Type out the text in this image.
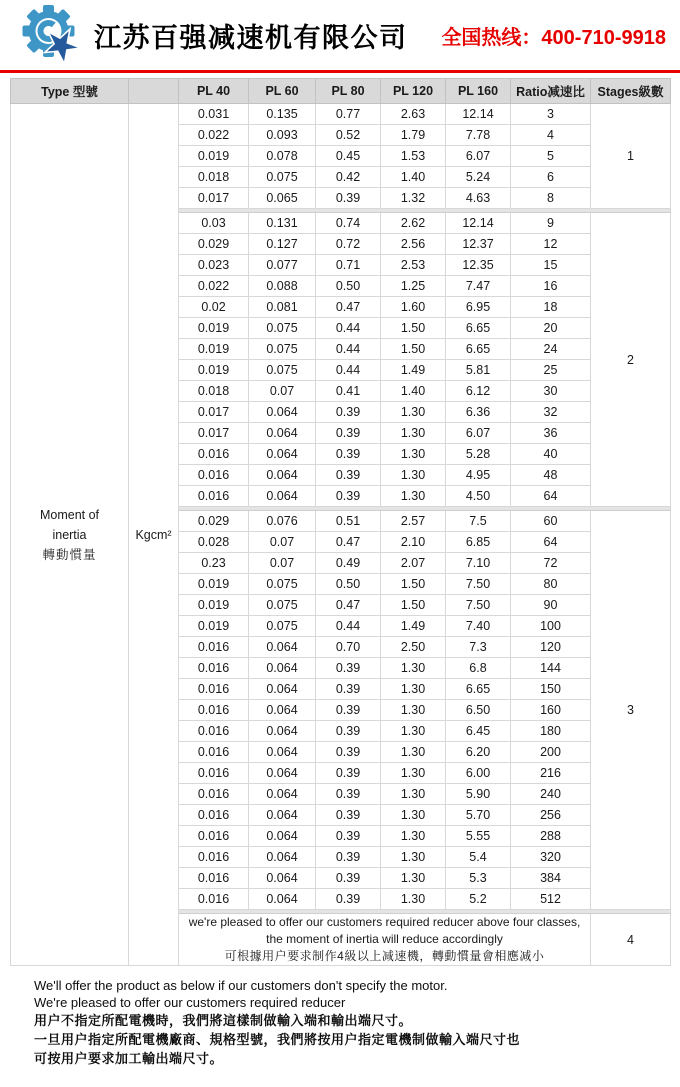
江苏百强减速机有限公司 全国热线：400-710-9918
Type 型號		PL 40	PL 60	PL 80	PL 120	PL 160	Ratio减速比	Stages級數

Moment of
inertia
轉動慣量	Kgcm²	0.031	0.135	0.77	2.63	12.14	3	1
		0.022	0.093	0.52	1.79	7.78	4	
		0.019	0.078	0.45	1.53	6.07	5	
		0.018	0.075	0.42	1.40	5.24	6	
		0.017	0.065	0.39	1.32	4.63	8	

		0.03	0.131	0.74	2.62	12.14	9	2
		0.029	0.127	0.72	2.56	12.37	12	
		0.023	0.077	0.71	2.53	12.35	15	
		0.022	0.088	0.50	1.25	7.47	16	
		0.02	0.081	0.47	1.60	6.95	18	
		0.019	0.075	0.44	1.50	6.65	20	
		0.019	0.075	0.44	1.50	6.65	24	
		0.019	0.075	0.44	1.49	5.81	25	
		0.018	0.07	0.41	1.40	6.12	30	
		0.017	0.064	0.39	1.30	6.36	32	
		0.017	0.064	0.39	1.30	6.07	36	
		0.016	0.064	0.39	1.30	5.28	40	
		0.016	0.064	0.39	1.30	4.95	48	
		0.016	0.064	0.39	1.30	4.50	64	

		0.029	0.076	0.51	2.57	7.5	60	3
		0.028	0.07	0.47	2.10	6.85	64	
		0.23	0.07	0.49	2.07	7.10	72	
		0.019	0.075	0.50	1.50	7.50	80	
		0.019	0.075	0.47	1.50	7.50	90	
		0.019	0.075	0.44	1.49	7.40	100	
		0.016	0.064	0.70	2.50	7.3	120	
		0.016	0.064	0.39	1.30	6.8	144	
		0.016	0.064	0.39	1.30	6.65	150	
		0.016	0.064	0.39	1.30	6.50	160	
		0.016	0.064	0.39	1.30	6.45	180	
		0.016	0.064	0.39	1.30	6.20	200	
		0.016	0.064	0.39	1.30	6.00	216	
		0.016	0.064	0.39	1.30	5.90	240	
		0.016	0.064	0.39	1.30	5.70	256	
		0.016	0.064	0.39	1.30	5.55	288	
		0.016	0.064	0.39	1.30	5.4	320	
		0.016	0.064	0.39	1.30	5.3	384	
		0.016	0.064	0.39	1.30	5.2	512	

		we're pleased to offer our customers required reducer above four classes,
the moment of inertia will reduce accordingly
可根據用户要求制作4級以上减速機，轉動慣量會相應减小						4
We'll offer the product as below if our customers don't specify the motor.
We're pleased to offer our customers required reducer
用户不指定所配電機時，我們將這樣制做輸入端和輸出端尺寸。
一旦用户指定所配電機廠商、規格型號，我們將按用户指定電機制做輸入端尺寸也
可按用户要求加工輸出端尺寸。
